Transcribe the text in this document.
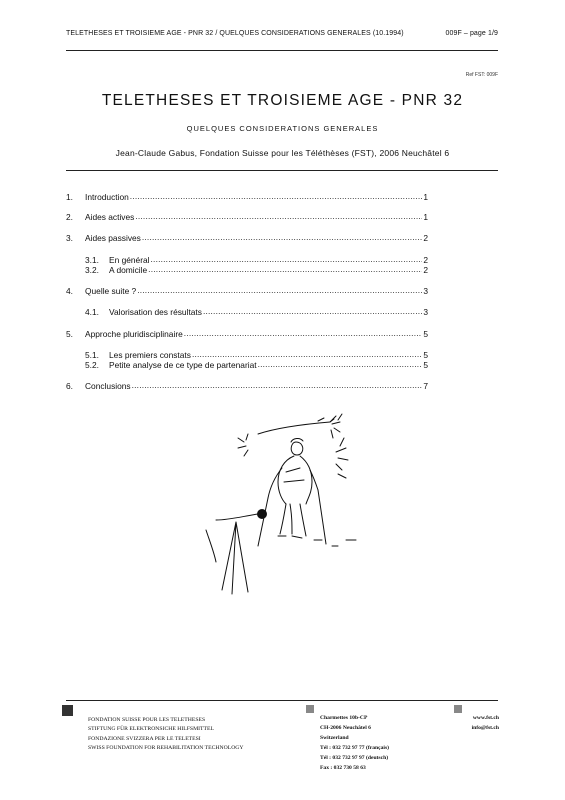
TELETHESES ET TROISIEME AGE - PNR 32 / QUELQUES CONSIDERATIONS GENERALES (10.1994)	009F – page 1/9
Ref FST: 009F
TELETHESES ET TROISIEME AGE - PNR 32
QUELQUES CONSIDERATIONS GENERALES
Jean-Claude Gabus, Fondation Suisse pour les Téléthèses (FST), 2006 Neuchâtel 6
1.	Introduction .....	1
2.	Aides actives .....	1
3.	Aides passives .....	2
3.1.	En général .....	2
3.2.	A domicile .....	2
4.	Quelle suite ? .....	3
4.1.	Valorisation des résultats .....	3
5.	Approche pluridisciplinaire .....	5
5.1.	Les premiers constats .....	5
5.2.	Petite analyse de ce type de partenariat .....	5
6.	Conclusions .....	7
FONDATION SUISSE POUR LES TELETHESES
STIFTUNG FÜR ELEKTRONSICHE HILFSMITTEL
FONDAZIONE SVIZZERA PER LE TELETESI
SWISS FOUNDATION FOR REHABILITATION TECHNOLOGY
Charmettes 10b-CP
CH-2006 Neuchâtel 6
Switzerland
Tél : 032 732 97 77 (français)
Tél : 032 732 97 97 (deutsch)
Fax : 032 730 58 63
www.fst.ch
info@fst.ch
